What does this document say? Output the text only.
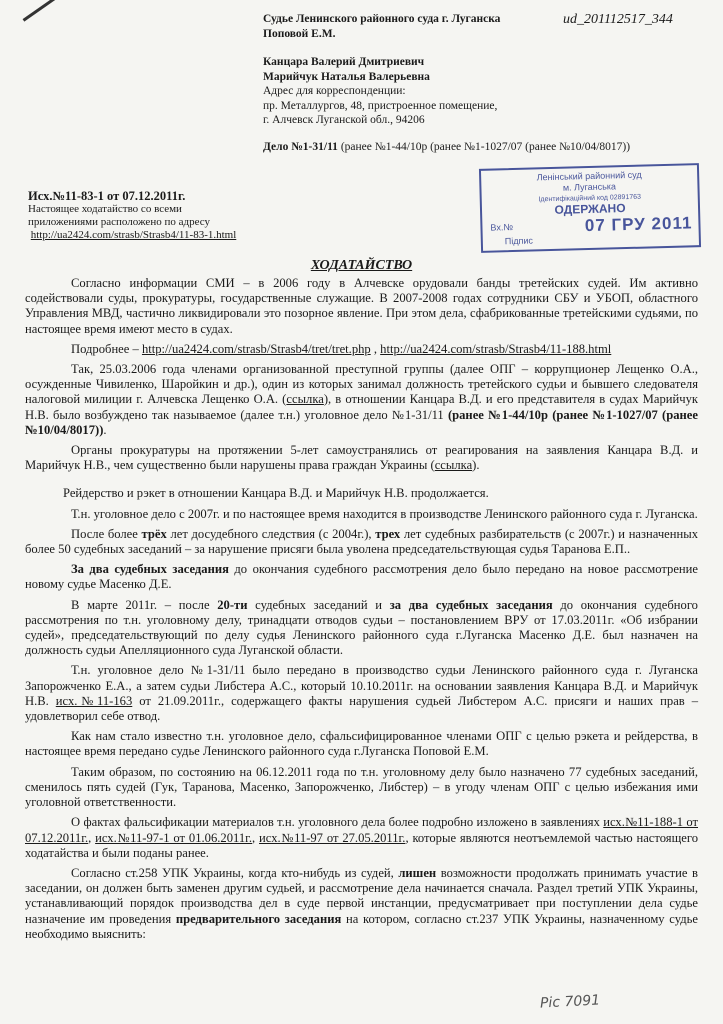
ud_201112517_344
Судье Ленинского районного суда г. Луганска
Поповой Е.М.
Канцара Валерий Дмитриевич
Марийчук Наталья Валерьевна
Адрес для корреспонденции:
пр. Металлургов, 48, пристроенное помещение,
г. Алчевск Луганской обл., 94206
Дело №1-31/11 (ранее №1-44/10р (ранее №1-1027/07 (ранее №10/04/8017))
Исх.№11-83-1 от 07.12.2011г.
Настоящее ходатайство со всеми
приложениями расположено по адресу
http://ua2424.com/strasb/Strasb4/11-83-1.html
Ленінський районний суд
м. Луганська
Ідентифікаційний код 02891763
ОДЕРЖАНО
Вх.№
Підпис
07 ГРУ 2011
ХОДАТАЙСТВО

Согласно информации СМИ – в 2006 году в Алчевске орудовали банды третейских судей. Им активно содействовали суды, прокуратуры, государственные служащие. В 2007-2008 годах сотрудники СБУ и УБОП, областного Управления МВД, частично ликвидировали это позорное явление. При этом дела, сфабрикованные третейскими судьями, по настоящее время имеют место в судах.

Подробнее – http://ua2424.com/strasb/Strasb4/tret/tret.php , http://ua2424.com/strasb/Strasb4/11-188.html

Так, 25.03.2006 года членами организованной преступной группы (далее ОПГ – коррупционер Лещенко О.А., осужденные Чивиленко, Шаройкин и др.), один из которых занимал должность третейского судьи и бывшего следователя налоговой милиции г. Алчевска Лещенко О.А. (ссылка), в отношении Канцара В.Д. и его представителя в судах Марийчук Н.В. было возбуждено так называемое (далее т.н.) уголовное дело №1-31/11 (ранее №1-44/10р (ранее №1-1027/07 (ранее №10/04/8017)).

Органы прокуратуры на протяжении 5-лет самоустранялись от реагирования на заявления Канцара В.Д. и Марийчук Н.В., чем существенно были нарушены права граждан Украины (ссылка).

Рейдерство и рэкет в отношении Канцара В.Д. и Марийчук Н.В. продолжается.

Т.н. уголовное дело с 2007г. и по настоящее время находится в производстве Ленинского районного суда г. Луганска.

После более трёх лет досудебного следствия (с 2004г.), трех лет судебных разбирательств (с 2007г.) и назначенных более 50 судебных заседаний – за нарушение присяги была уволена председательствующая судья Таранова Е.П..

За два судебных заседания до окончания судебного рассмотрения дело было передано на новое рассмотрение новому судье Масенко Д.Е.

В марте 2011г. – после 20-ти судебных заседаний и за два судебных заседания до окончания судебного рассмотрения по т.н. уголовному делу, тринадцати отводов судьи – постановлением ВРУ от 17.03.2011г. «Об избрании судей», председательствующий по делу судья Ленинского районного суда г.Луганска Масенко Д.Е. был назначен на должность судьи Апелляционного суда Луганской области.

Т.н. уголовное дело №1-31/11 было передано в производство судьи Ленинского районного суда г. Луганска Запорожченко Е.А., а затем судьи Либстера А.С., который 10.10.2011г. на основании заявления Канцара В.Д. и Марийчук Н.В. исх.№11-163 от 21.09.2011г., содержащего факты нарушения судьей Либстером А.С. присяги и наших прав – удовлетворил себе отвод.

Как нам стало известно т.н. уголовное дело, сфальсифицированное членами ОПГ с целью рэкета и рейдерства, в настоящее время передано судье Ленинского районного суда г.Луганска Поповой Е.М.

Таким образом, по состоянию на 06.12.2011 года по т.н. уголовному делу было назначено 77 судебных заседаний, сменилось пять судей (Гук, Таранова, Масенко, Запорожченко, Либстер) – в угоду членам ОПГ с целью избежания ими уголовной ответственности.

О фактах фальсификации материалов т.н. уголовного дела более подробно изложено в заявлениях исх.№11-188-1 от 07.12.2011г., исх.№11-97-1 от 01.06.2011г., исх.№11-97 от 27.05.2011г., которые являются неотъемлемой частью настоящего ходатайства и были поданы ранее.

Согласно ст.258 УПК Украины, когда кто-нибудь из судей, лишен возможности продолжать принимать участие в заседании, он должен быть заменен другим судьей, и рассмотрение дела начинается сначала. Раздел третий УПК Украины, устанавливающий порядок производства дел в суде первой инстанции, предусматривает при поступлении дела судье назначение им проведения предварительного заседания на котором, согласно ст.237 УПК Украины, назначенному судье необходимо выяснить:

Pic 7091
